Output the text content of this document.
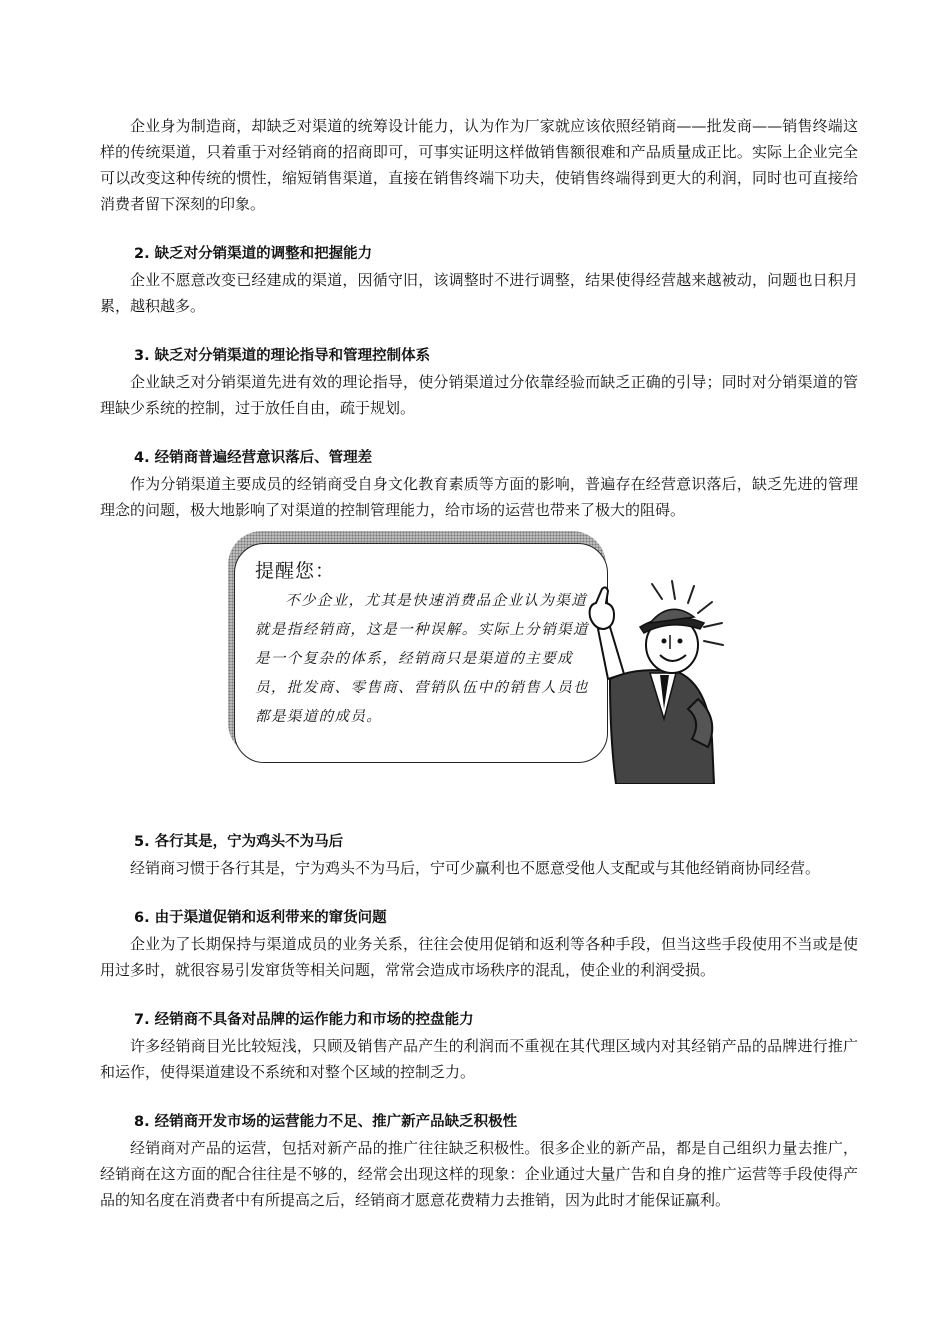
企业身为制造商，却缺乏对渠道的统筹设计能力，认为作为厂家就应该依照经销商——批发商——销售终端这样的传统渠道，只着重于对经销商的招商即可，可事实证明这样做销售额很难和产品质量成正比。实际上企业完全可以改变这种传统的惯性，缩短销售渠道，直接在销售终端下功夫，使销售终端得到更大的利润，同时也可直接给消费者留下深刻的印象。

2. 缺乏对分销渠道的调整和把握能力

企业不愿意改变已经建成的渠道，因循守旧，该调整时不进行调整，结果使得经营越来越被动，问题也日积月累，越积越多。

3. 缺乏对分销渠道的理论指导和管理控制体系

企业缺乏对分销渠道先进有效的理论指导，使分销渠道过分依靠经验而缺乏正确的引导；同时对分销渠道的管理缺少系统的控制，过于放任自由，疏于规划。

4. 经销商普遍经营意识落后、管理差

作为分销渠道主要成员的经销商受自身文化教育素质等方面的影响，普遍存在经营意识落后，缺乏先进的管理理念的问题，极大地影响了对渠道的控制管理能力，给市场的运营也带来了极大的阻碍。

提醒您：

不少企业，尤其是快速消费品企业认为渠道就是指经销商，这是一种误解。实际上分销渠道是一个复杂的体系，经销商只是渠道的主要成员，批发商、零售商、营销队伍中的销售人员也都是渠道的成员。

5. 各行其是，宁为鸡头不为马后

经销商习惯于各行其是，宁为鸡头不为马后，宁可少赢利也不愿意受他人支配或与其他经销商协同经营。

6. 由于渠道促销和返利带来的窜货问题

企业为了长期保持与渠道成员的业务关系，往往会使用促销和返利等各种手段，但当这些手段使用不当或是使用过多时，就很容易引发窜货等相关问题，常常会造成市场秩序的混乱，使企业的利润受损。

7. 经销商不具备对品牌的运作能力和市场的控盘能力

许多经销商目光比较短浅，只顾及销售产品产生的利润而不重视在其代理区域内对其经销产品的品牌进行推广和运作，使得渠道建设不系统和对整个区域的控制乏力。

8. 经销商开发市场的运营能力不足、推广新产品缺乏积极性

经销商对产品的运营，包括对新产品的推广往往缺乏积极性。很多企业的新产品，都是自己组织力量去推广，经销商在这方面的配合往往是不够的，经常会出现这样的现象：企业通过大量广告和自身的推广运营等手段使得产品的知名度在消费者中有所提高之后，经销商才愿意花费精力去推销，因为此时才能保证赢利。
